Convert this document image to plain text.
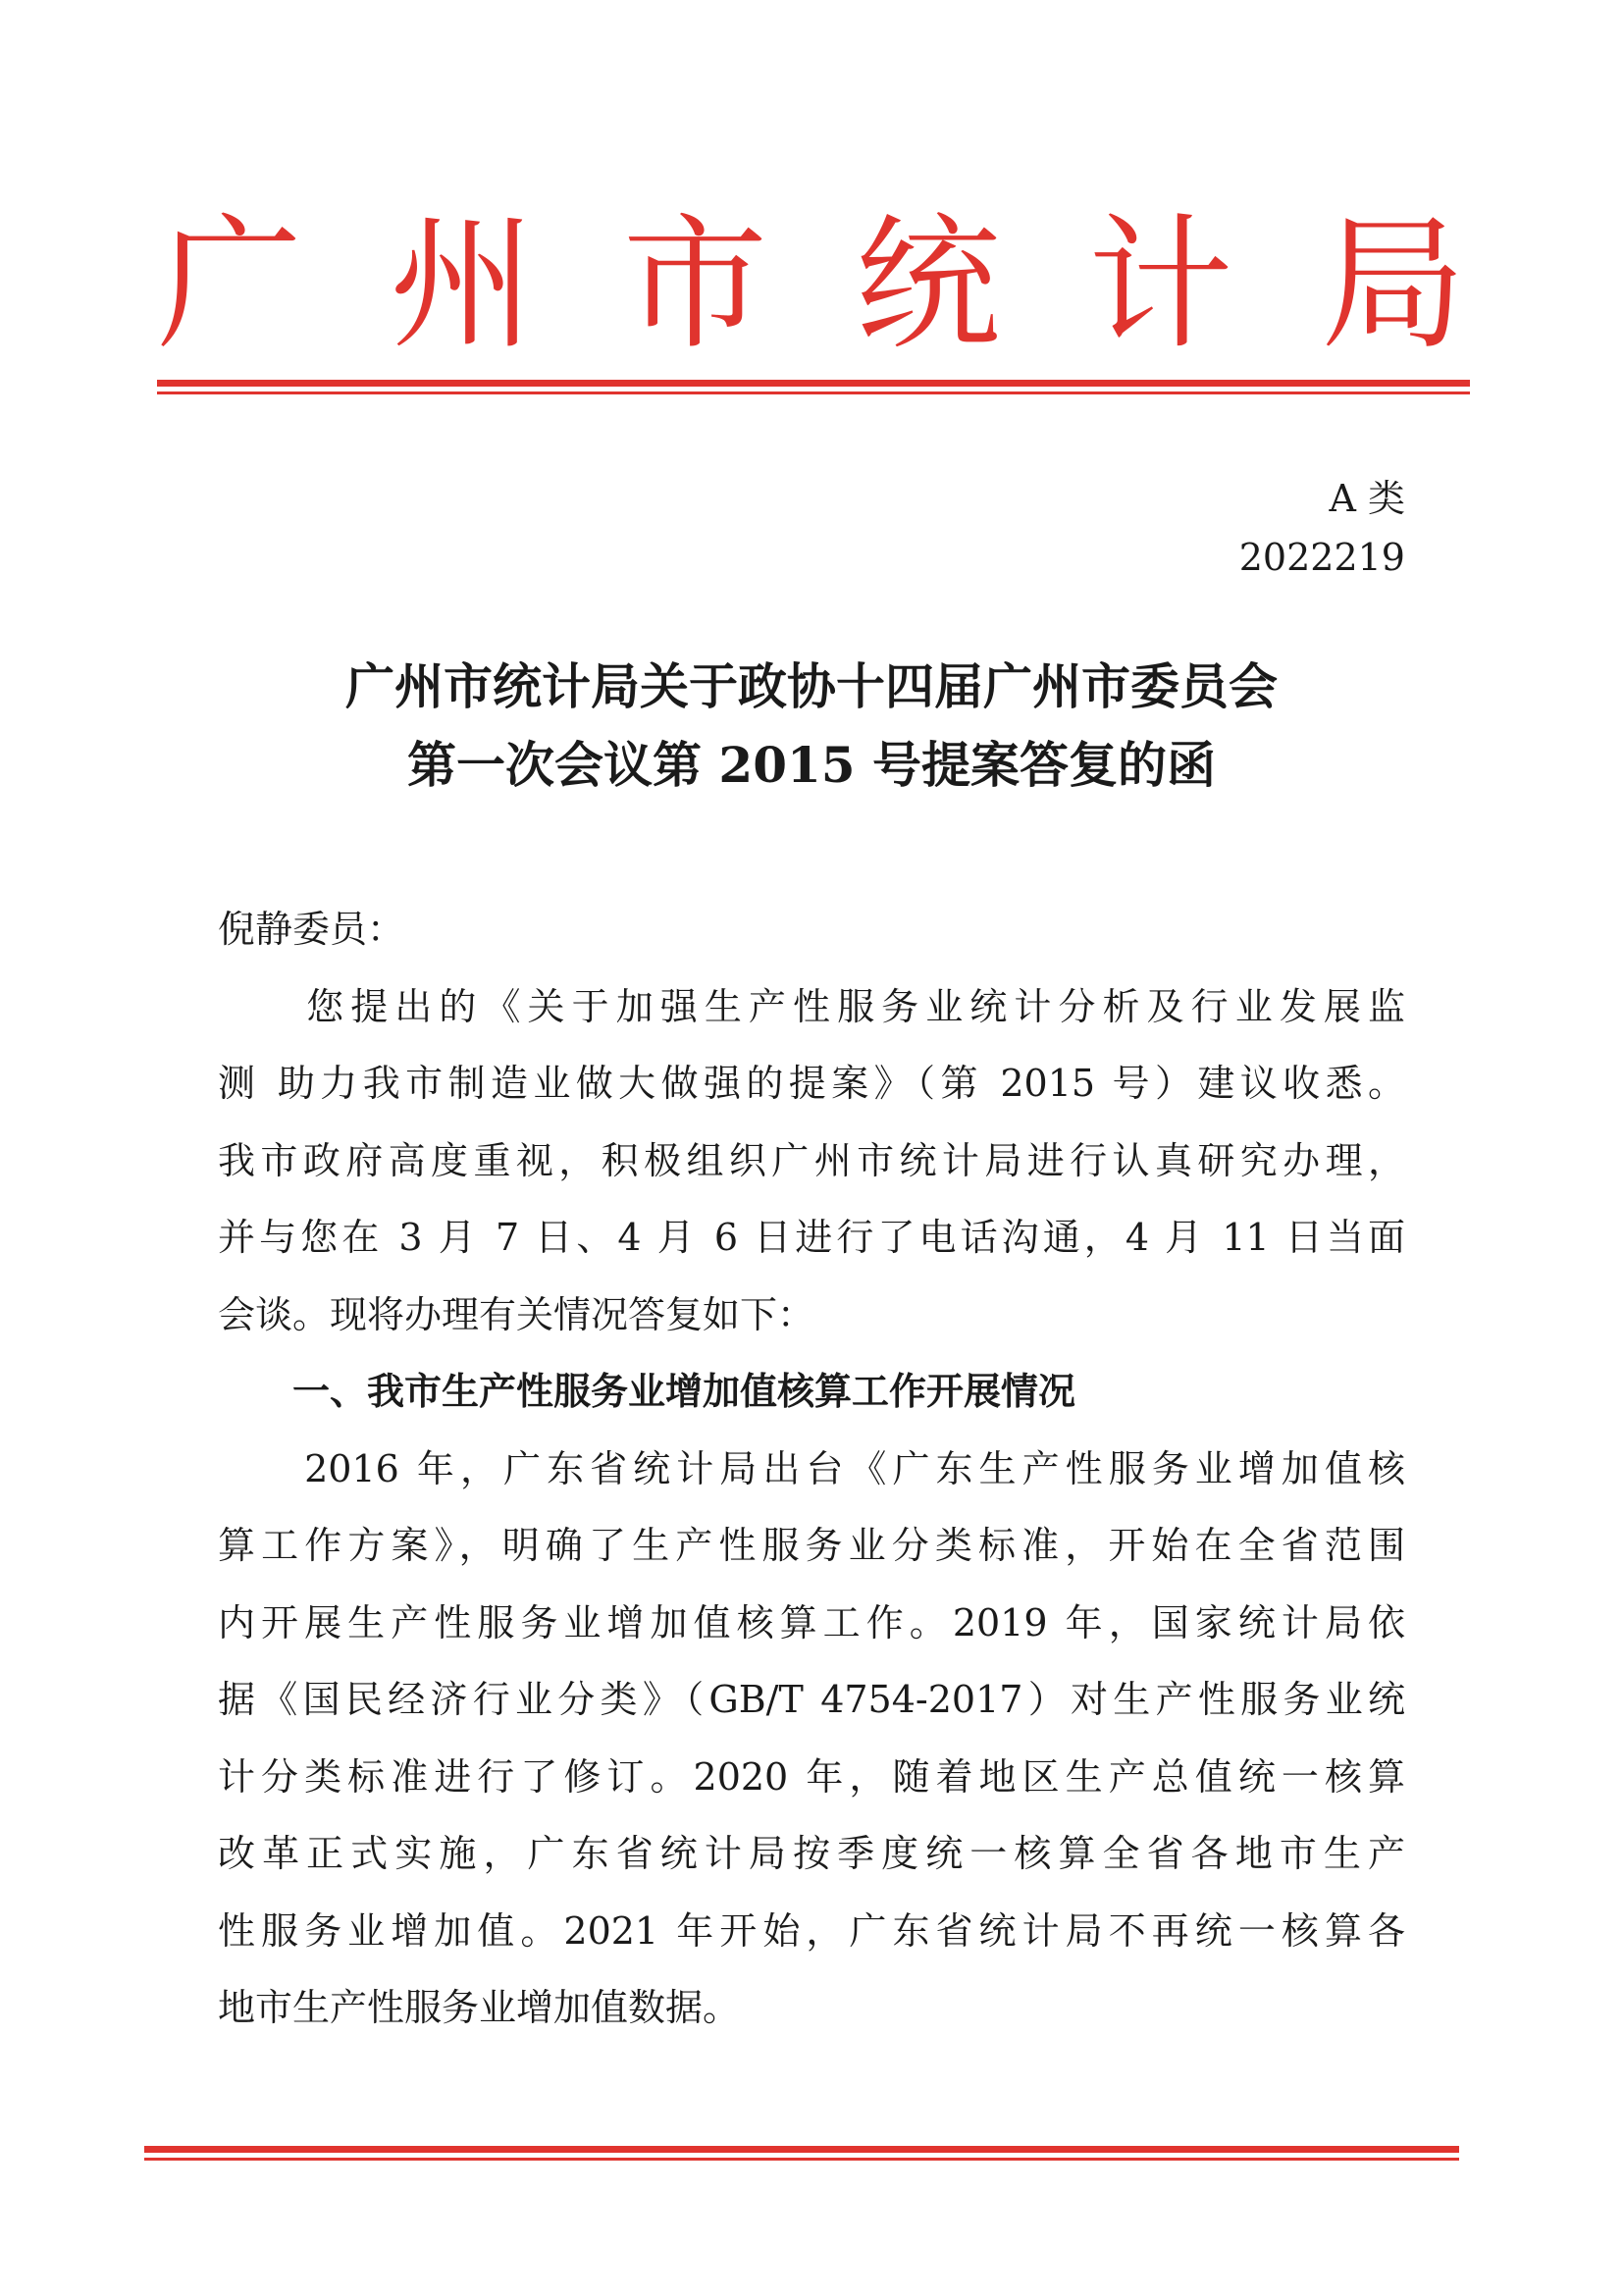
广 州 市 统 计 局
A 类
2022219
广州市统计局关于政协十四届广州市委员会
第一次会议第 2015 号提案答复的函
倪静委员：
　　您提出的《关于加强生产性服务业统计分析及行业发展监
测 助力我市制造业做大做强的提案》（第 2015 号）建议收悉。
我市政府高度重视，积极组织广州市统计局进行认真研究办理，
并与您在 3 月 7 日、4 月 6 日进行了电话沟通，4 月 11 日当面
会谈。现将办理有关情况答复如下：
　　一、我市生产性服务业增加值核算工作开展情况
　　2016 年，广东省统计局出台《广东生产性服务业增加值核
算工作方案》，明确了生产性服务业分类标准，开始在全省范围
内开展生产性服务业增加值核算工作。2019 年，国家统计局依
据《国民经济行业分类》（GB/T 4754-2017）对生产性服务业统
计分类标准进行了修订。2020 年，随着地区生产总值统一核算
改革正式实施，广东省统计局按季度统一核算全省各地市生产
性服务业增加值。2021 年开始，广东省统计局不再统一核算各
地市生产性服务业增加值数据。
